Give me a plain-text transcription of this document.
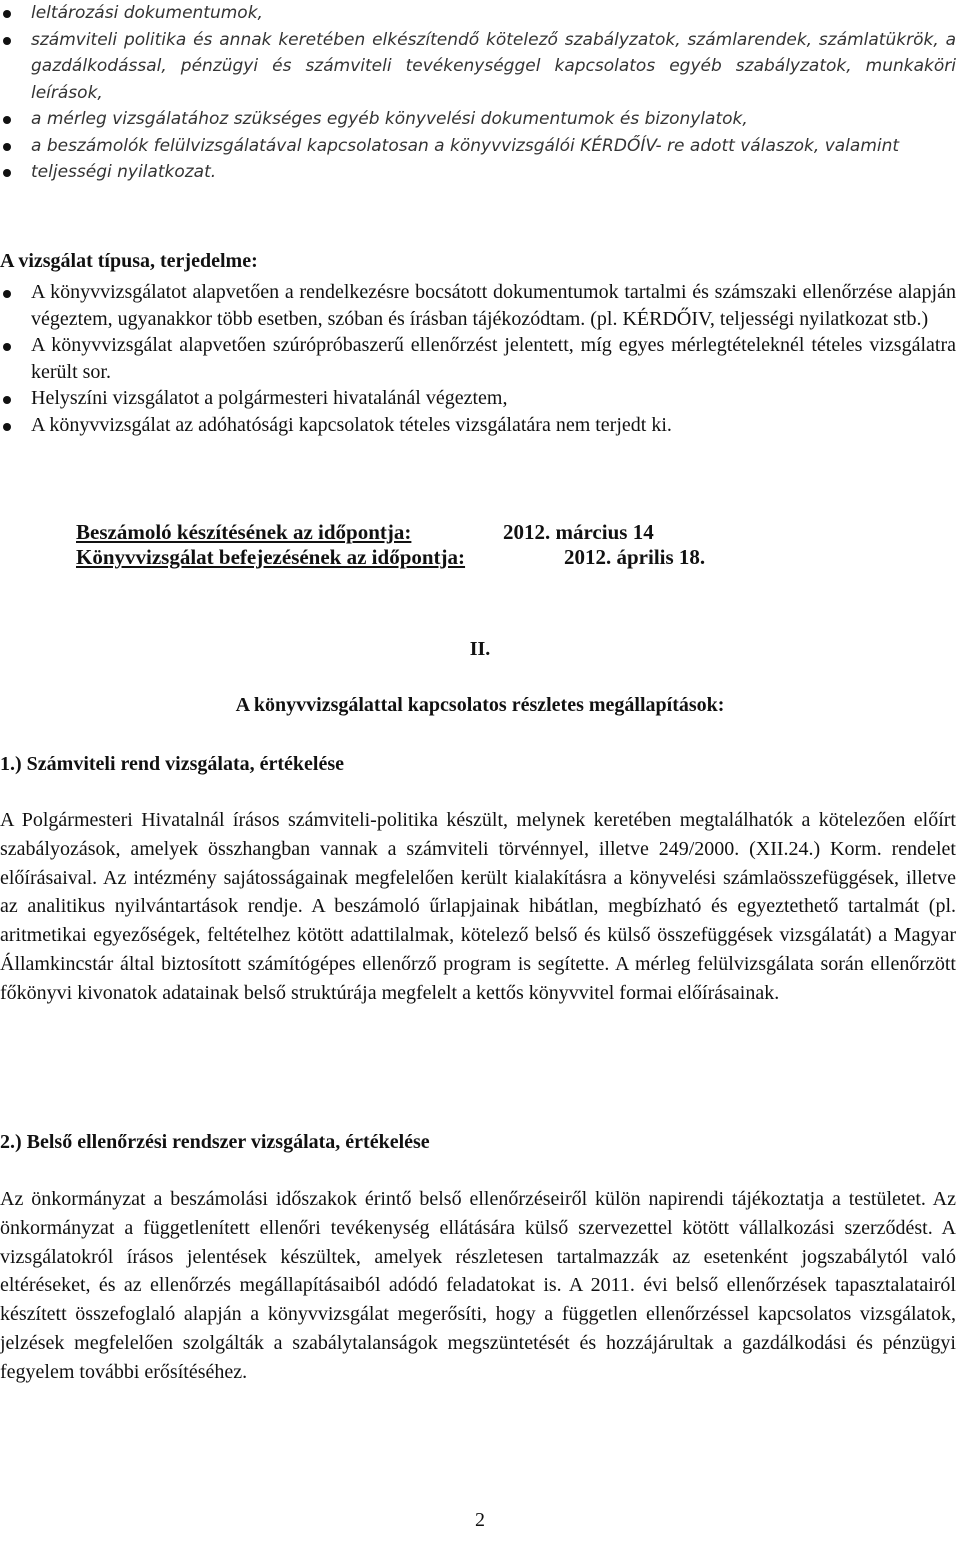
leltározási dokumentumok,
számviteli politika és annak keretében elkészítendő kötelező szabályzatok, számlarendek, számlatükrök, a gazdálkodással, pénzügyi és számviteli tevékenységgel kapcsolatos egyéb szabályzatok, munkaköri leírások,
a mérleg vizsgálatához szükséges egyéb könyvelési dokumentumok és bizonylatok,
a beszámolók felülvizsgálatával kapcsolatosan a könyvvizsgálói KÉRDŐÍV- re adott válaszok, valamint
teljességi nyilatkozat.
A vizsgálat típusa, terjedelme:
A könyvvizsgálatot alapvetően a rendelkezésre bocsátott dokumentumok tartalmi és számszaki ellenőrzése alapján végeztem, ugyanakkor több esetben, szóban és írásban tájékozódtam. (pl. KÉRDŐIV, teljességi nyilatkozat stb.)
A könyvvizsgálat alapvetően szúrópróbaszerű ellenőrzést jelentett, míg egyes mérlegtételeknél tételes vizsgálatra került sor.
Helyszíni vizsgálatot a polgármesteri hivatalánál végeztem,
A könyvvizsgálat az adóhatósági kapcsolatok tételes vizsgálatára nem terjedt ki.
Beszámoló készítésének az időpontja:	2012. március 14
Könyvvizsgálat befejezésének az időpontja:	2012. április 18.
II.
A könyvvizsgálattal kapcsolatos részletes megállapítások:
1.) Számviteli rend vizsgálata, értékelése

A Polgármesteri Hivatalnál írásos számviteli-politika készült, melynek keretében megtalálhatók a kötelezően előírt szabályozások, amelyek összhangban vannak a számviteli törvénnyel, illetve 249/2000. (XII.24.) Korm. rendelet előírásaival. Az intézmény sajátosságainak megfelelően került kialakításra a könyvelési számlaösszefüggések, illetve az analitikus nyilvántartások rendje. A beszámoló űrlapjainak hibátlan, megbízható és egyeztethető tartalmát (pl. aritmetikai egyezőségek, feltételhez kötött adattilalmak, kötelező belső és külső összefüggések vizsgálatát) a Magyar Államkincstár által biztosított számítógépes ellenőrző program is segítette. A mérleg felülvizsgálata során ellenőrzött főkönyvi kivonatok adatainak belső struktúrája megfelelt a kettős könyvvitel formai előírásainak.

2.) Belső ellenőrzési rendszer vizsgálata, értékelése

Az önkormányzat a beszámolási időszakok érintő belső ellenőrzéseiről külön napirendi tájékoztatja a testületet. Az önkormányzat a függetlenített ellenőri tevékenység ellátására külső szervezettel kötött vállalkozási szerződést. A vizsgálatokról írásos jelentések készültek, amelyek részletesen tartalmazzák az esetenként jogszabálytól való eltéréseket, és az ellenőrzés megállapításaiból adódó feladatokat is. A 2011. évi belső ellenőrzések tapasztalatairól készített összefoglaló alapján a könyvvizsgálat megerősíti, hogy a független ellenőrzéssel kapcsolatos vizsgálatok, jelzések megfelelően szolgálták a szabálytalanságok megszüntetését és hozzájárultak a gazdálkodási és pénzügyi fegyelem további erősítéséhez.

2
